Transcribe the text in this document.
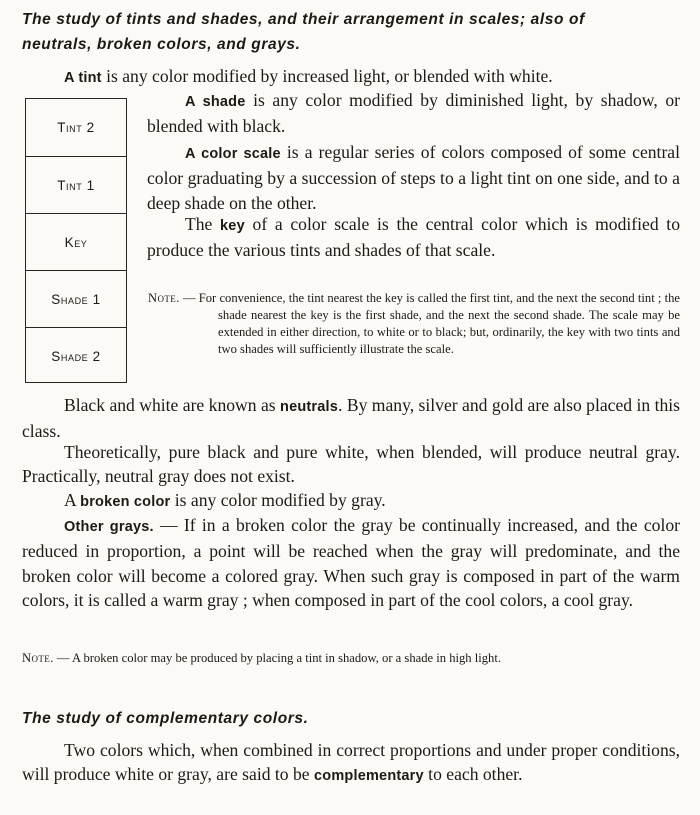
The study of tints and shades, and their arrangement in scales; also of
neutrals, broken colors, and grays.
A tint is any color modified by increased light, or blended with white.
Tint 2
Tint 1
Key
Shade 1
Shade 2
A shade is any color modified by diminished light, by shadow, or blended with black.
A color scale is a regular series of colors composed of some central color graduating by a succession of steps to a light tint on one side, and to a deep shade on the other.
The key of a color scale is the central color which is modified to produce the various tints and shades of that scale.
Note. — For convenience, the tint nearest the key is called the first tint, and the next the second tint ; the shade nearest the key is the first shade, and the next the second shade. The scale may be extended in either direction, to white or to black; but, ordinarily, the key with two tints and two shades will sufficiently illustrate the scale.
Black and white are known as neutrals. By many, silver and gold are also placed in this class.
Theoretically, pure black and pure white, when blended, will produce neutral gray. Practically, neutral gray does not exist.
A broken color is any color modified by gray.
Other grays. — If in a broken color the gray be continually increased, and the color reduced in proportion, a point will be reached when the gray will predominate, and the broken color will become a colored gray. When such gray is composed in part of the warm colors, it is called a warm gray ; when composed in part of the cool colors, a cool gray.
Note. — A broken color may be produced by placing a tint in shadow, or a shade in high light.
The study of complementary colors.
Two colors which, when combined in correct proportions and under proper conditions, will produce white or gray, are said to be complementary to each other.
